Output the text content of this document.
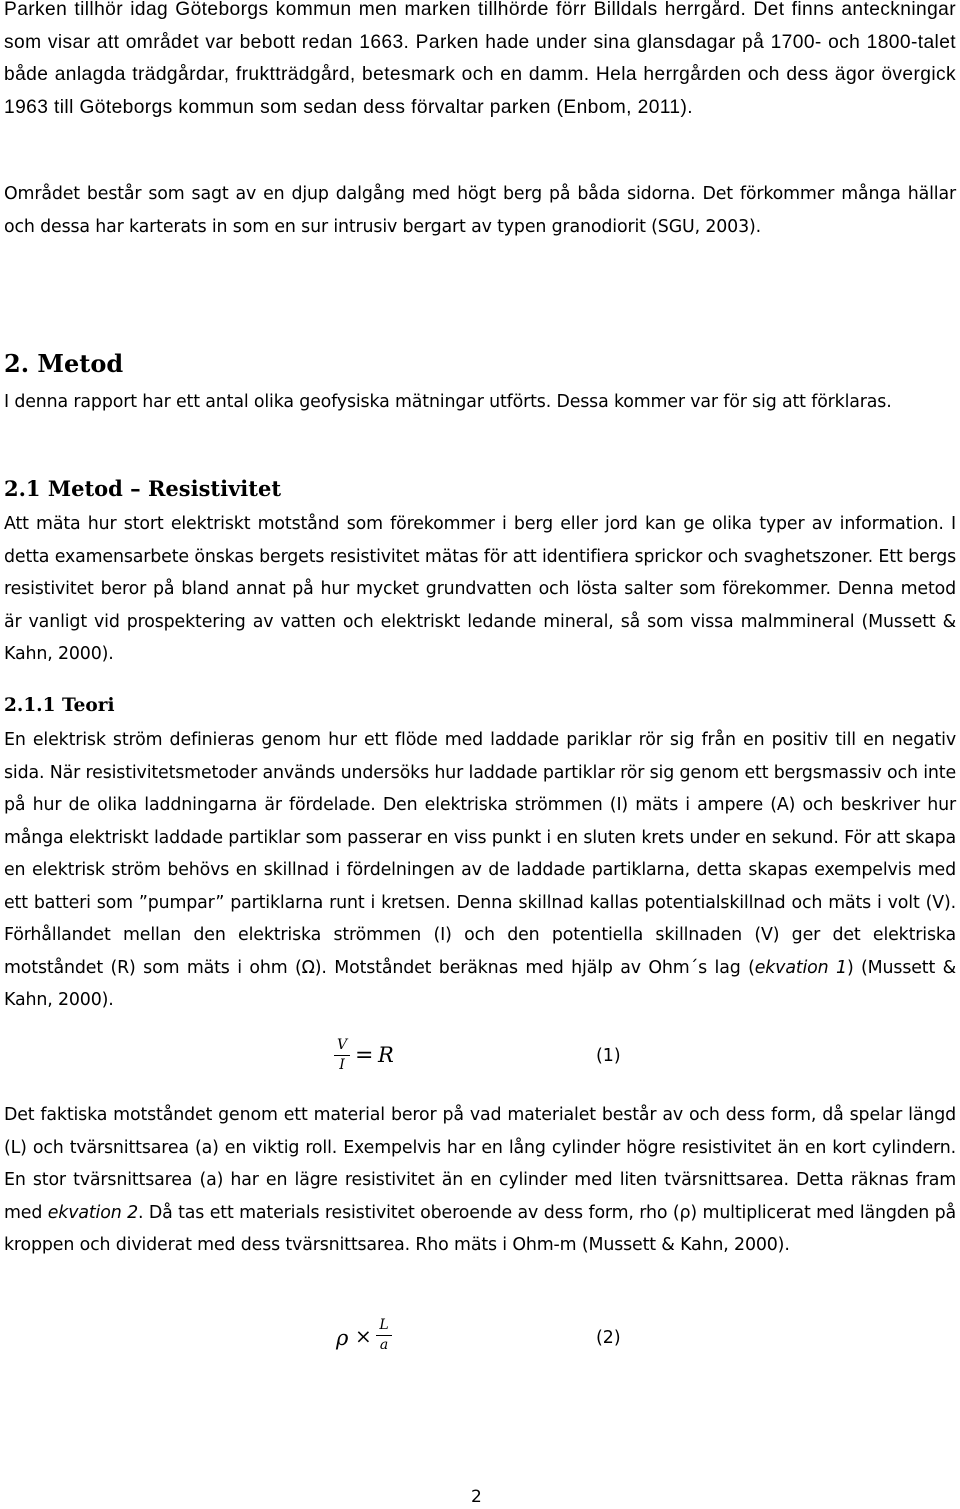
Parken tillhör idag Göteborgs kommun men marken tillhörde förr Billdals herrgård. Det finns anteckningar som visar att området var bebott redan 1663. Parken hade under sina glansdagar på 1700- och 1800-talet både anlagda trädgårdar, fruktträdgård, betesmark och en damm. Hela herrgården och dess ägor övergick 1963 till Göteborgs kommun som sedan dess förvaltar parken (Enbom, 2011).

Området består som sagt av en djup dalgång med högt berg på båda sidorna. Det förkommer många hällar och dessa har karterats in som en sur intrusiv bergart av typen granodiorit (SGU, 2003).

2. Metod

I denna rapport har ett antal olika geofysiska mätningar utförts. Dessa kommer var för sig att förklaras.

2.1 Metod – Resistivitet

Att mäta hur stort elektriskt motstånd som förekommer i berg eller jord kan ge olika typer av information. I detta examensarbete önskas bergets resistivitet mätas för att identifiera sprickor och svaghetszoner. Ett bergs resistivitet beror på bland annat på hur mycket grundvatten och lösta salter som förekommer. Denna metod är vanligt vid prospektering av vatten och elektriskt ledande mineral, så som vissa malmmineral (Mussett & Kahn, 2000).

2.1.1 Teori

En elektrisk ström definieras genom hur ett flöde med laddade pariklar rör sig från en positiv till en negativ sida. När resistivitetsmetoder används undersöks hur laddade partiklar rör sig genom ett bergsmassiv och inte på hur de olika laddningarna är fördelade. Den elektriska strömmen (I) mäts i ampere (A) och beskriver hur många elektriskt laddade partiklar som passerar en viss punkt i en sluten krets under en sekund. För att skapa en elektrisk ström behövs en skillnad i fördelningen av de laddade partiklarna, detta skapas exempelvis med ett batteri som ”pumpar” partiklarna runt i kretsen. Denna skillnad kallas potentialskillnad och mäts i volt (V). Förhållandet mellan den elektriska strömmen (I) och den potentiella skillnaden (V) ger det elektriska motståndet (R) som mäts i ohm (Ω). Motståndet beräknas med hjälp av Ohm´s lag (ekvation 1) (Mussett & Kahn, 2000).

V
I = R	(1)

Det faktiska motståndet genom ett material beror på vad materialet består av och dess form, då spelar längd (L) och tvärsnittsarea (a) en viktig roll. Exempelvis har en lång cylinder högre resistivitet än en kort cylindern. En stor tvärsnittsarea (a) har en lägre resistivitet än en cylinder med liten tvärsnittsarea. Detta räknas fram med ekvation 2. Då tas ett materials resistivitet oberoende av dess form, rho (ρ) multiplicerat med längden på kroppen och dividerat med dess tvärsnittsarea. Rho mäts i Ohm-m (Mussett & Kahn, 2000).

ρ × L
a	(2)
2
